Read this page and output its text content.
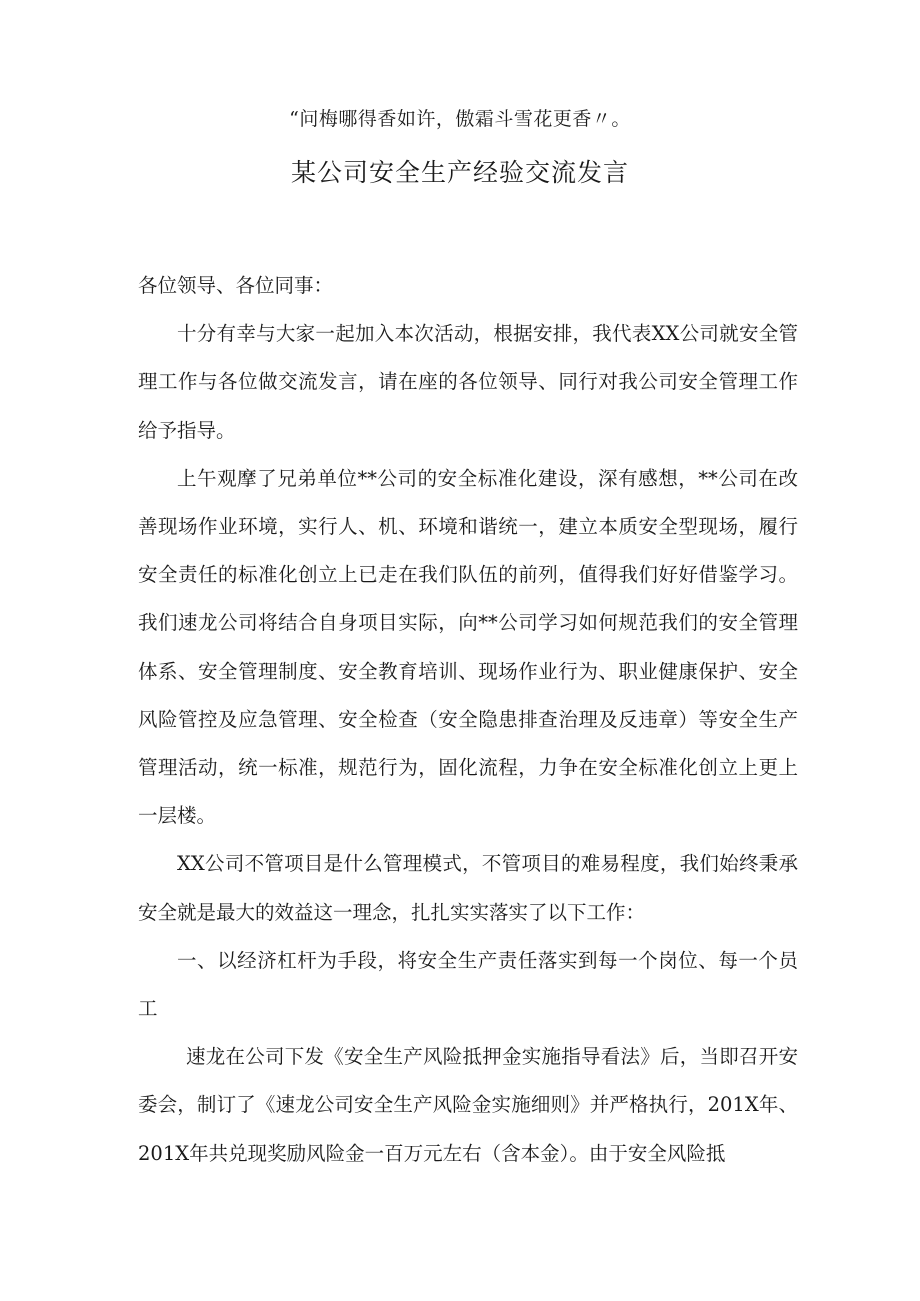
“问梅哪得香如许，傲霜斗雪花更香〃。
某公司安全生产经验交流发言

各位领导、各位同事：

十分有幸与大家一起加入本次活动，根据安排，我代表XX公司就安全管理工作与各位做交流发言，请在座的各位领导、同行对我公司安全管理工作给予指导。

上午观摩了兄弟单位**公司的安全标准化建设，深有感想，**公司在改善现场作业环境，实行人、机、环境和谐统一，建立本质安全型现场，履行安全责任的标准化创立上已走在我们队伍的前列，值得我们好好借鉴学习。我们速龙公司将结合自身项目实际，向**公司学习如何规范我们的安全管理体系、安全管理制度、安全教育培训、现场作业行为、职业健康保护、安全风险管控及应急管理、安全检查（安全隐患排查治理及反违章）等安全生产管理活动，统一标准，规范行为，固化流程，力争在安全标准化创立上更上一层楼。

XX公司不管项目是什么管理模式，不管项目的难易程度，我们始终秉承安全就是最大的效益这一理念，扎扎实实落实了以下工作：

一、以经济杠杆为手段，将安全生产责任落实到每一个岗位、每一个员工

速龙在公司下发《安全生产风险抵押金实施指导看法》后，当即召开安委会，制订了《速龙公司安全生产风险金实施细则》并严格执行，201X年、201X年共兑现奖励风险金一百万元左右（含本金）。由于安全风险抵
